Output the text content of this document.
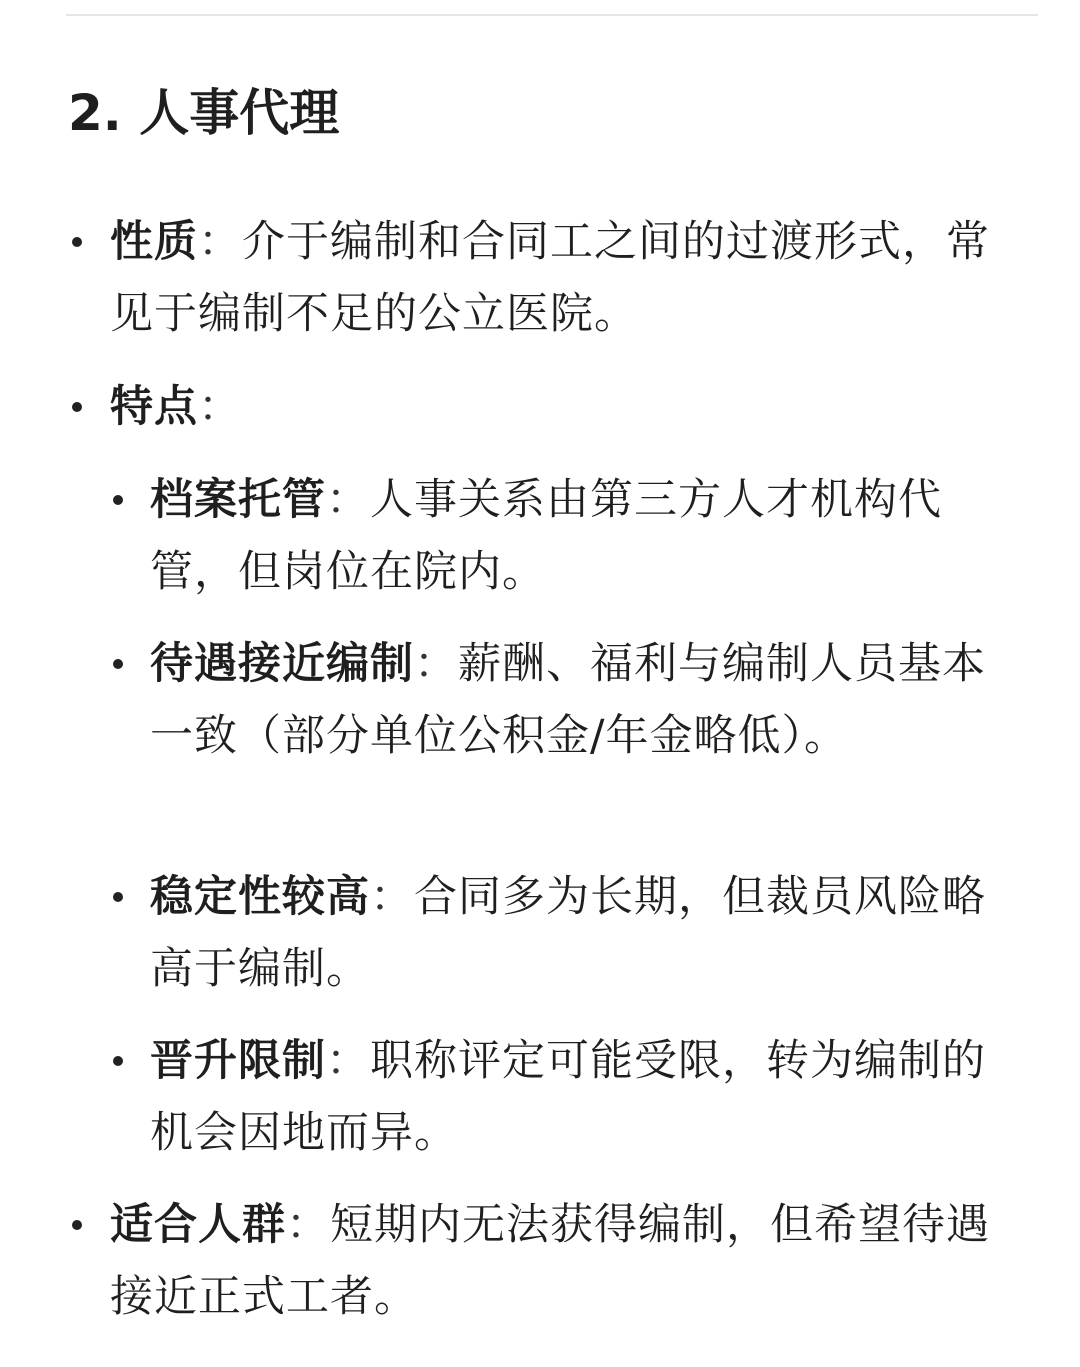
2. 人事代理
性质：介于编制和合同工之间的过渡形式，常见于编制不足的公立医院。
特点：
档案托管：人事关系由第三方人才机构代管，但岗位在院内。
待遇接近编制：薪酬、福利与编制人员基本一致（部分单位公积金/年金略低）。
稳定性较高：合同多为长期，但裁员风险略高于编制。
晋升限制：职称评定可能受限，转为编制的机会因地而异。
适合人群：短期内无法获得编制，但希望待遇接近正式工者。
